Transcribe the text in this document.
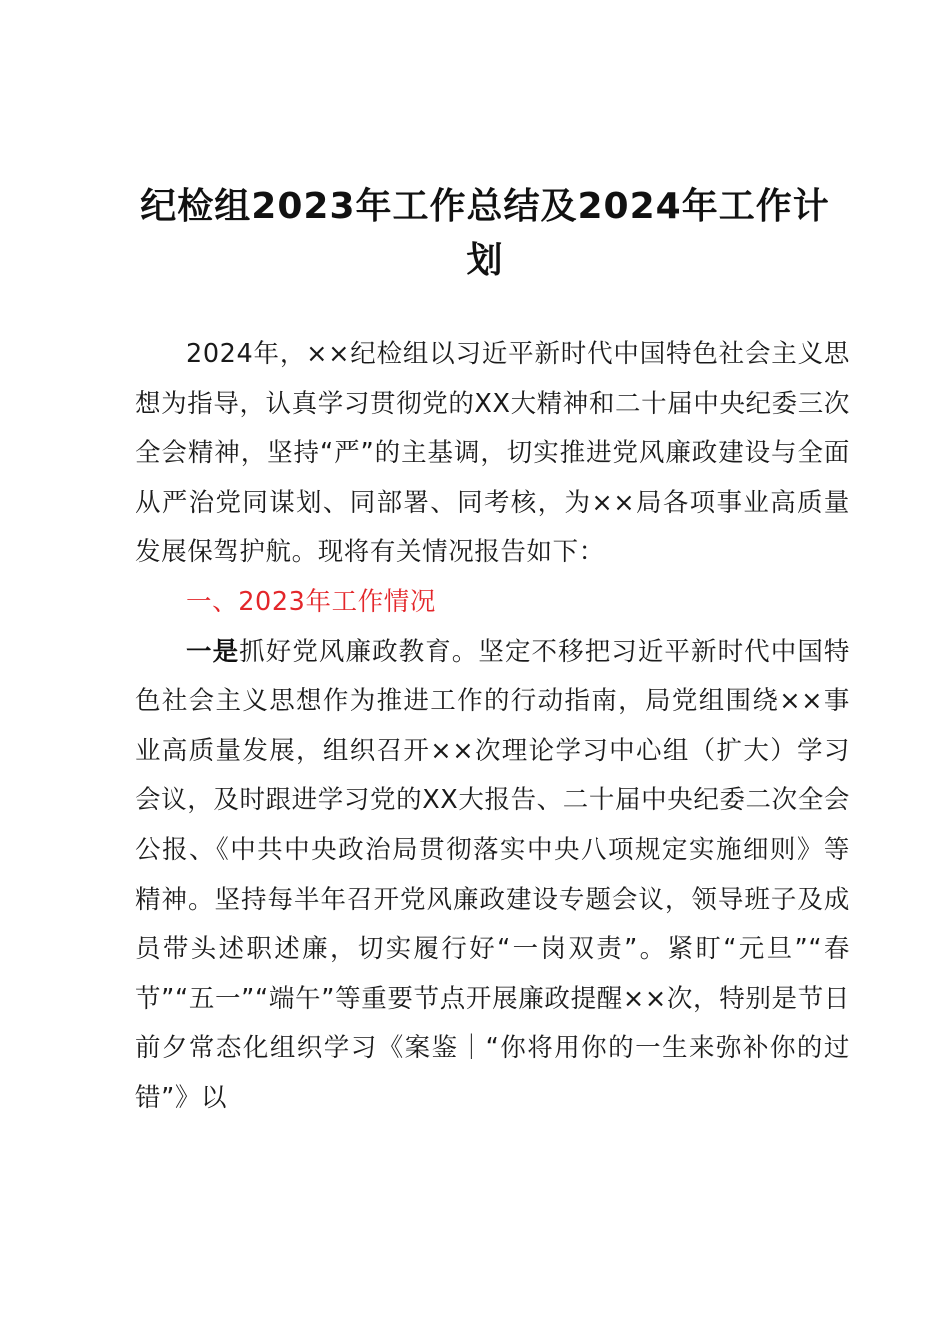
纪检组2023年工作总结及2024年工作计划

2024年，××纪检组以习近平新时代中国特色社会主义思想为指导，认真学习贯彻党的XX大精神和二十届中央纪委三次全会精神，坚持“严”的主基调，切实推进党风廉政建设与全面从严治党同谋划、同部署、同考核，为××局各项事业高质量发展保驾护航。现将有关情况报告如下：

一、2023年工作情况

一是抓好党风廉政教育。坚定不移把习近平新时代中国特色社会主义思想作为推进工作的行动指南，局党组围绕××事业高质量发展，组织召开××次理论学习中心组（扩大）学习会议，及时跟进学习党的XX大报告、二十届中央纪委二次全会公报、《中共中央政治局贯彻落实中央八项规定实施细则》等精神。坚持每半年召开党风廉政建设专题会议，领导班子及成员带头述职述廉，切实履行好“一岗双责”。紧盯“元旦”“春节”“五一”“端午”等重要节点开展廉政提醒××次，特别是节日前夕常态化组织学习《案鉴｜“你将用你的一生来弥补你的过错”》以
